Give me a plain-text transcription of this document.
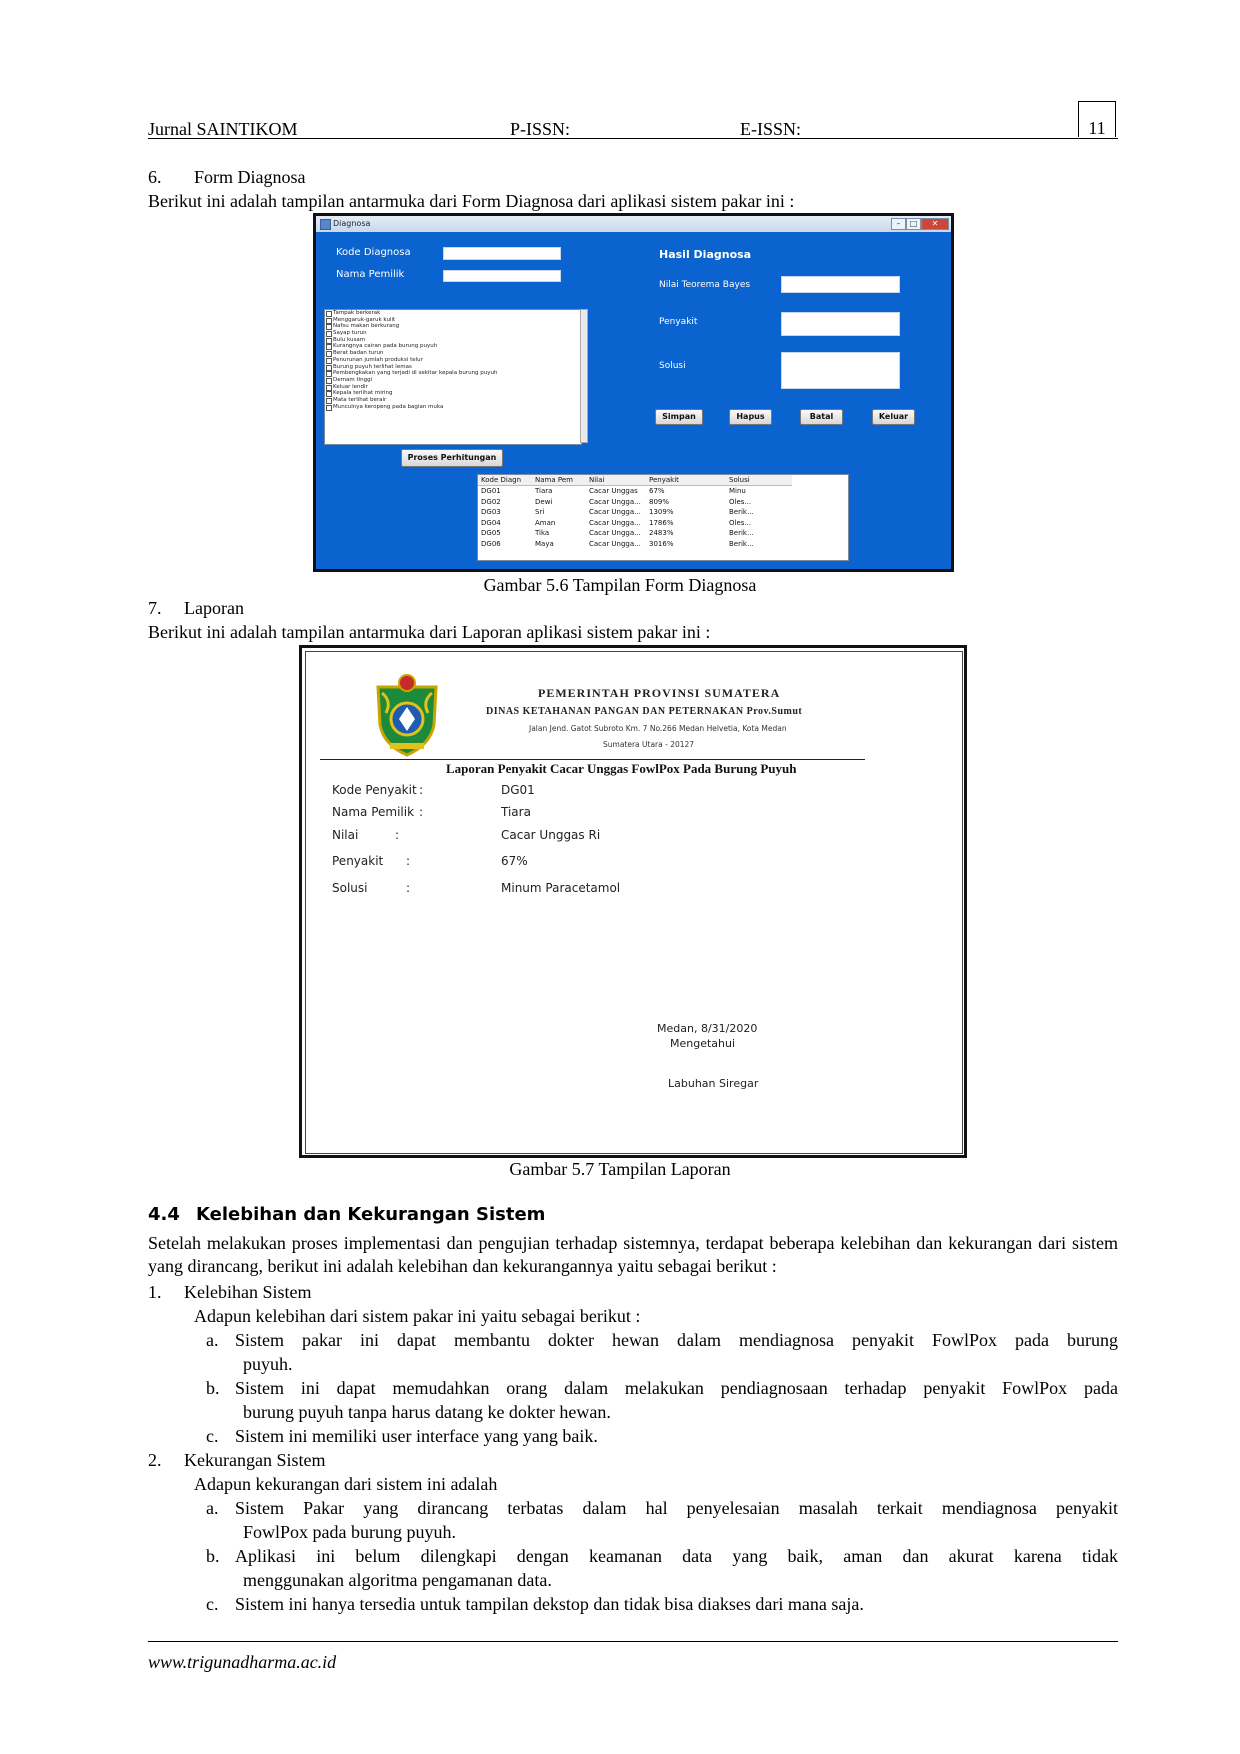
Jurnal SAINTIKOM	P-ISSN:	E-ISSN:	11
6. Form Diagnosa
Berikut ini adalah tampilan antarmuka dari Form Diagnosa dari aplikasi sistem pakar ini :
Diagnosa	–	□	✕
Kode Diagnosa
Nama Pemilik
Hasil Diagnosa
Nilai Teorema Bayes
Penyakit
Solusi
Tampak berkerak
Menggaruk-garuk kulit
Nafsu makan berkurang
Sayap turun
Bulu kusam
Kurangnya cairan pada burung puyuh
Berat badan turun
Penurunan jumlah produksi telur
Burung puyuh terlihat lemas
Pembengkakan yang terjadi di sekitar kepala burung puyuh
Demam tinggi
Keluar lendir
Kepala terlihat miring
Mata terlihat berair
Munculnya keropeng pada bagian muka
Simpan	Hapus	Batal	Keluar
Proses Perhitungan
Kode Diagn	Nama Pem	Nilai	Penyakit	Solusi
DG01	Tiara	Cacar Unggas	67%	Minu
DG02	Dewi	Cacar Ungga...	809%	Oles...
DG03	Sri	Cacar Ungga...	1309%	Berik...
DG04	Aman	Cacar Ungga...	1786%	Oles...
DG05	Tika	Cacar Ungga...	2483%	Berik...
DG06	Maya	Cacar Ungga...	3016%	Berik...
Gambar 5.6 Tampilan Form Diagnosa
7. Laporan
Berikut ini adalah tampilan antarmuka dari Laporan aplikasi sistem pakar ini :
PEMERINTAH PROVINSI SUMATERA
DINAS KETAHANAN PANGAN DAN PETERNAKAN Prov.Sumut
Jalan Jend. Gatot Subroto Km. 7 No.266 Medan Helvetia, Kota Medan
Sumatera Utara - 20127
Laporan Penyakit Cacar Unggas FowlPox Pada Burung Puyuh
Kode Penyakit :	DG01
Nama Pemilik :	Tiara
Nilai	:	Cacar Unggas Ri
Penyakit :	67%
Solusi	:	Minum Paracetamol
Medan, 8/31/2020
Mengetahui
Labuhan Siregar
Gambar 5.7 Tampilan Laporan
4.4 Kelebihan dan Kekurangan Sistem
Setelah melakukan proses implementasi dan pengujian terhadap sistemnya, terdapat beberapa kelebihan dan kekurangan dari sistem yang dirancang, berikut ini adalah kelebihan dan kekurangannya yaitu sebagai berikut :
1. Kelebihan Sistem
Adapun kelebihan dari sistem pakar ini yaitu sebagai berikut :
a. Sistem pakar ini dapat membantu dokter hewan dalam mendiagnosa penyakit FowlPox pada burung
puyuh.
b. Sistem ini dapat memudahkan orang dalam melakukan pendiagnosaan terhadap penyakit FowlPox pada
burung puyuh tanpa harus datang ke dokter hewan.
c. Sistem ini memiliki user interface yang yang baik.
2. Kekurangan Sistem
Adapun kekurangan dari sistem ini adalah
a. Sistem Pakar yang dirancang terbatas dalam hal penyelesaian masalah terkait mendiagnosa penyakit
FowlPox pada burung puyuh.
b. Aplikasi ini belum dilengkapi dengan keamanan data yang baik, aman dan akurat karena tidak
menggunakan algoritma pengamanan data.
c. Sistem ini hanya tersedia untuk tampilan dekstop dan tidak bisa diakses dari mana saja.
www.trigunadharma.ac.id
